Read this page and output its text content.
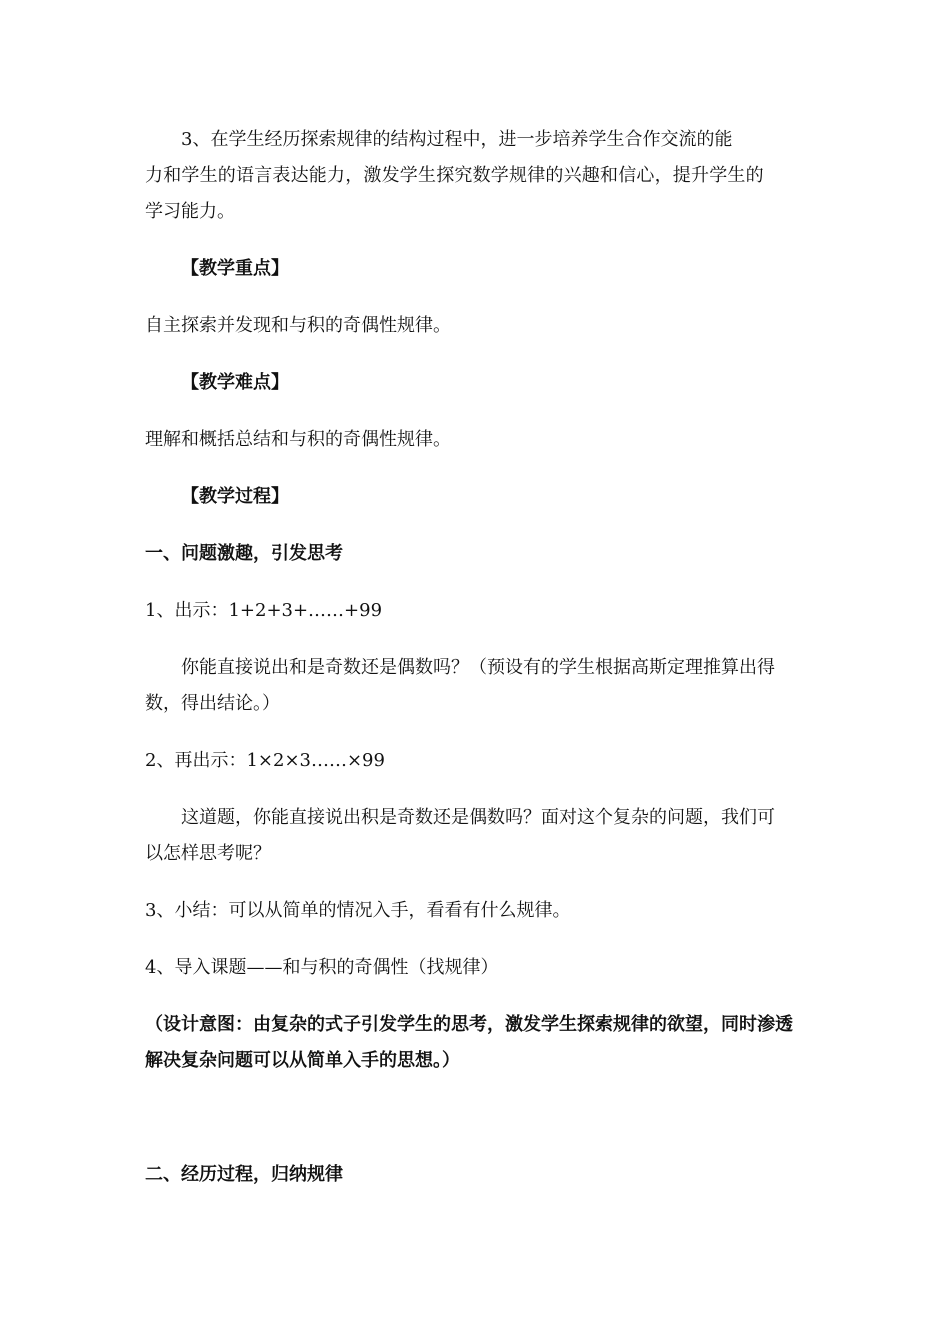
3、在学生经历探索规律的结构过程中，进一步培养学生合作交流的能
力和学生的语言表达能力，激发学生探究数学规律的兴趣和信心，提升学生的
学习能力。
【教学重点】
自主探索并发现和与积的奇偶性规律。
【教学难点】
理解和概括总结和与积的奇偶性规律。
【教学过程】
一、问题激趣，引发思考
1、出示：1+2+3+……+99
你能直接说出和是奇数还是偶数吗？（预设有的学生根据高斯定理推算出得
数，得出结论。）
2、再出示：1×2×3……×99
这道题，你能直接说出积是奇数还是偶数吗？面对这个复杂的问题，我们可
以怎样思考呢？
3、小结：可以从简单的情况入手，看看有什么规律。
4、导入课题——和与积的奇偶性（找规律）
（设计意图：由复杂的式子引发学生的思考，激发学生探索规律的欲望，同时渗透
解决复杂问题可以从简单入手的思想。）
二、经历过程，归纳规律
